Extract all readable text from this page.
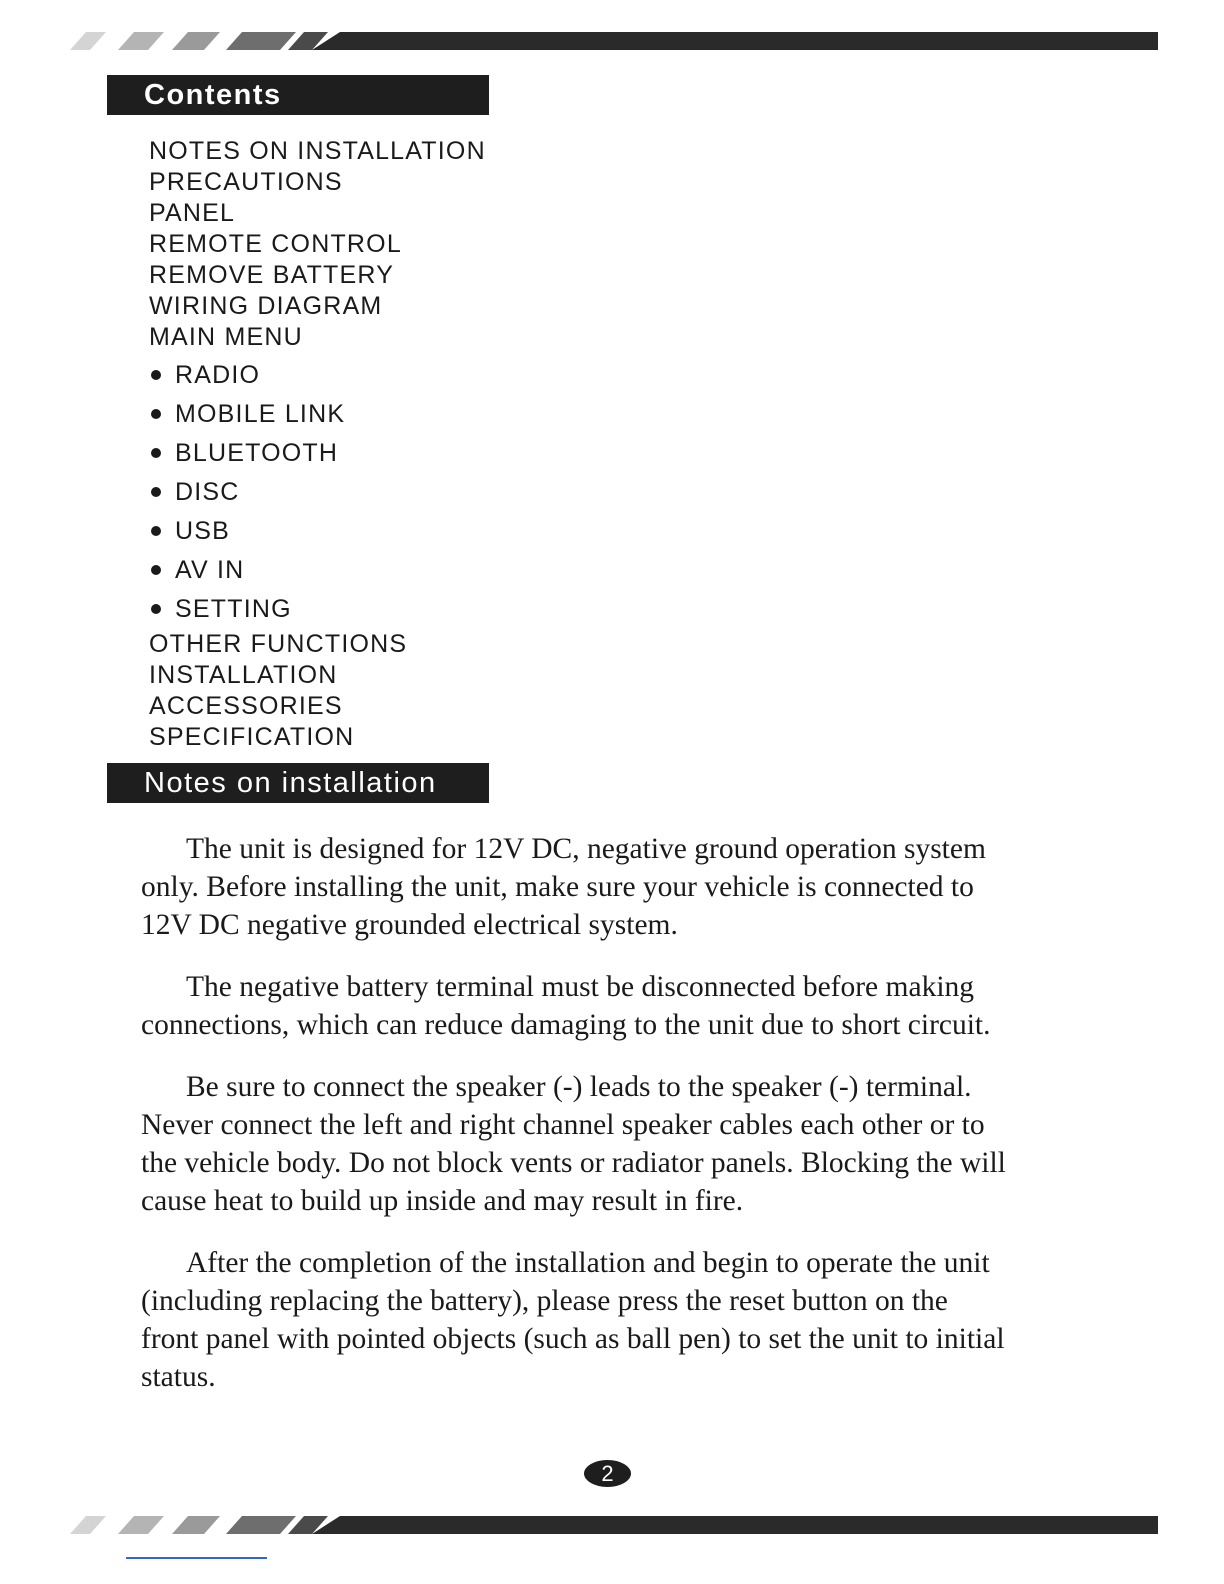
Contents
NOTES ON INSTALLATION
PRECAUTIONS
PANEL
REMOTE CONTROL
REMOVE BATTERY
WIRING DIAGRAM
MAIN MENU
RADIO
MOBILE LINK
BLUETOOTH
DISC
USB
AV IN
SETTING
OTHER FUNCTIONS
INSTALLATION
ACCESSORIES
SPECIFICATION
Notes on installation

The unit is designed for 12V DC, negative ground operation system only. Before installing the unit, make sure your vehicle is connected to 12V DC negative grounded electrical system.

The negative battery terminal must be disconnected before making connections, which can reduce damaging to the unit due to short circuit.

Be sure to connect the speaker (-) leads to the speaker (-) terminal. Never connect the left and right channel speaker cables each other or to the vehicle body. Do not block vents or radiator panels. Blocking the will cause heat to build up inside and may result in fire.

After the completion of the installation and begin to operate the unit (including replacing the battery), please press the reset button on the front panel with pointed objects (such as ball pen) to set the unit to initial status.

2
